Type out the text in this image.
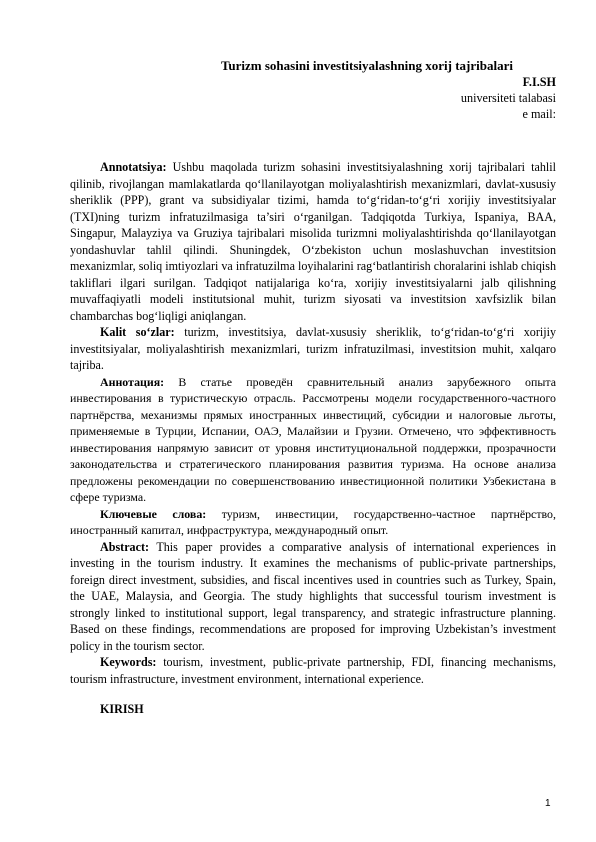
Turizm sohasini investitsiyalashning xorij tajribalari
F.I.SH
universiteti talabasi
e mail:

Annotatsiya: Ushbu maqolada turizm sohasini investitsiyalashning xorij tajribalari tahlil qilinib, rivojlangan mamlakatlarda qo‘llanilayotgan moliyalashtirish mexanizmlari, davlat-xususiy sheriklik (PPP), grant va subsidiyalar tizimi, hamda to‘g‘ridan-to‘g‘ri xorijiy investitsiyalar (TXI)ning turizm infratuzilmasiga ta’siri o‘rganilgan. Tadqiqotda Turkiya, Ispaniya, BAA, Singapur, Malayziya va Gruziya tajribalari misolida turizmni moliyalashtirishda qo‘llanilayotgan yondashuvlar tahlil qilindi. Shuningdek, O‘zbekiston uchun moslashuvchan investitsion mexanizmlar, soliq imtiyozlari va infratuzilma loyihalarini rag‘batlantirish choralarini ishlab chiqish takliflari ilgari surilgan. Tadqiqot natijalariga ko‘ra, xorijiy investitsiyalarni jalb qilishning muvaffaqiyatli modeli institutsional muhit, turizm siyosati va investitsion xavfsizlik bilan chambarchas bog‘liqligi aniqlangan.

Kalit so‘zlar: turizm, investitsiya, davlat-xususiy sheriklik, to‘g‘ridan-to‘g‘ri xorijiy investitsiyalar, moliyalashtirish mexanizmlari, turizm infratuzilmasi, investitsion muhit, xalqaro tajriba.

Аннотация: В статье проведён сравнительный анализ зарубежного опыта инвестирования в туристическую отрасль. Рассмотрены модели государственного-частного партнёрства, механизмы прямых иностранных инвестиций, субсидии и налоговые льготы, применяемые в Турции, Испании, ОАЭ, Малайзии и Грузии. Отмечено, что эффективность инвестирования напрямую зависит от уровня институциональной поддержки, прозрачности законодательства и стратегического планирования развития туризма. На основе анализа предложены рекомендации по совершенствованию инвестиционной политики Узбекистана в сфере туризма.

Ключевые слова: туризм, инвестиции, государственно-частное партнёрство, иностранный капитал, инфраструктура, международный опыт.

Abstract: This paper provides a comparative analysis of international experiences in investing in the tourism industry. It examines the mechanisms of public-private partnerships, foreign direct investment, subsidies, and fiscal incentives used in countries such as Turkey, Spain, the UAE, Malaysia, and Georgia. The study highlights that successful tourism investment is strongly linked to institutional support, legal transparency, and strategic infrastructure planning. Based on these findings, recommendations are proposed for improving Uzbekistan’s investment policy in the tourism sector.

Keywords: tourism, investment, public-private partnership, FDI, financing mechanisms, tourism infrastructure, investment environment, international experience.

KIRISH
1
